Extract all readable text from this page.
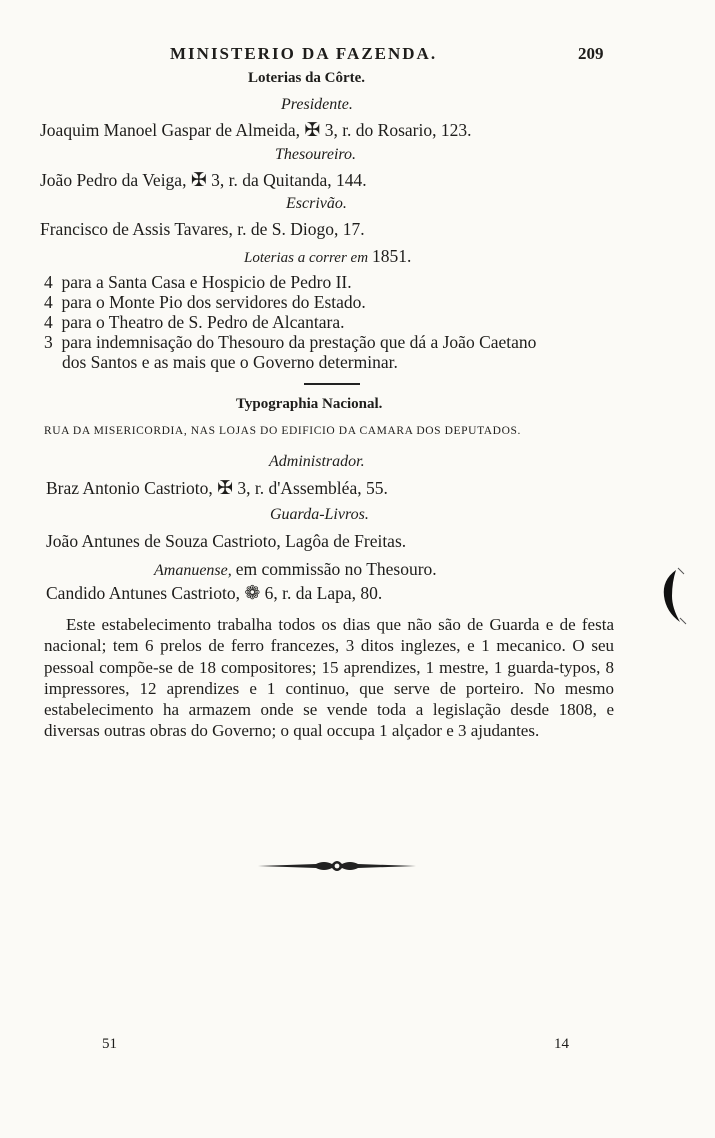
MINISTERIO DA FAZENDA.	209
Loterias da Côrte.
Presidente.
Joaquim Manoel Gaspar de Almeida, ✠ 3, r. do Rosario, 123.
Thesoureiro.
João Pedro da Veiga, ✠ 3, r. da Quitanda, 144.
Escrivão.
Francisco de Assis Tavares, r. de S. Diogo, 17.
Loterias a correr em 1851.
4 para a Santa Casa e Hospicio de Pedro II.
4 para o Monte Pio dos servidores do Estado.
4 para o Theatro de S. Pedro de Alcantara.
3 para indemnisação do Thesouro da prestação que dá a João Caetano
dos Santos e as mais que o Governo determinar.
Typographia Nacional.
RUA DA MISERICORDIA, NAS LOJAS DO EDIFICIO DA CAMARA DOS DEPUTADOS.
Administrador.
Braz Antonio Castrioto, ✠ 3, r. d'Assembléa, 55.
Guarda-Livros.
João Antunes de Souza Castrioto, Lagôa de Freitas.
Amanuense, em commissão no Thesouro.
Candido Antunes Castrioto, ❁ 6, r. da Lapa, 80.

Este estabelecimento trabalha todos os dias que não são de Guarda e de festa nacional; tem 6 prelos de ferro francezes, 3 ditos inglezes, e 1 mecanico. O seu pessoal compõe-se de 18 compositores; 15 aprendizes, 1 mestre, 1 guarda-typos, 8 impressores, 12 aprendizes e 1 continuo, que serve de porteiro. No mesmo estabelecimento ha armazem onde se vende toda a legislação desde 1808, e diversas outras obras do Governo; o qual occupa 1 alçador e 3 ajudantes.

51	14
